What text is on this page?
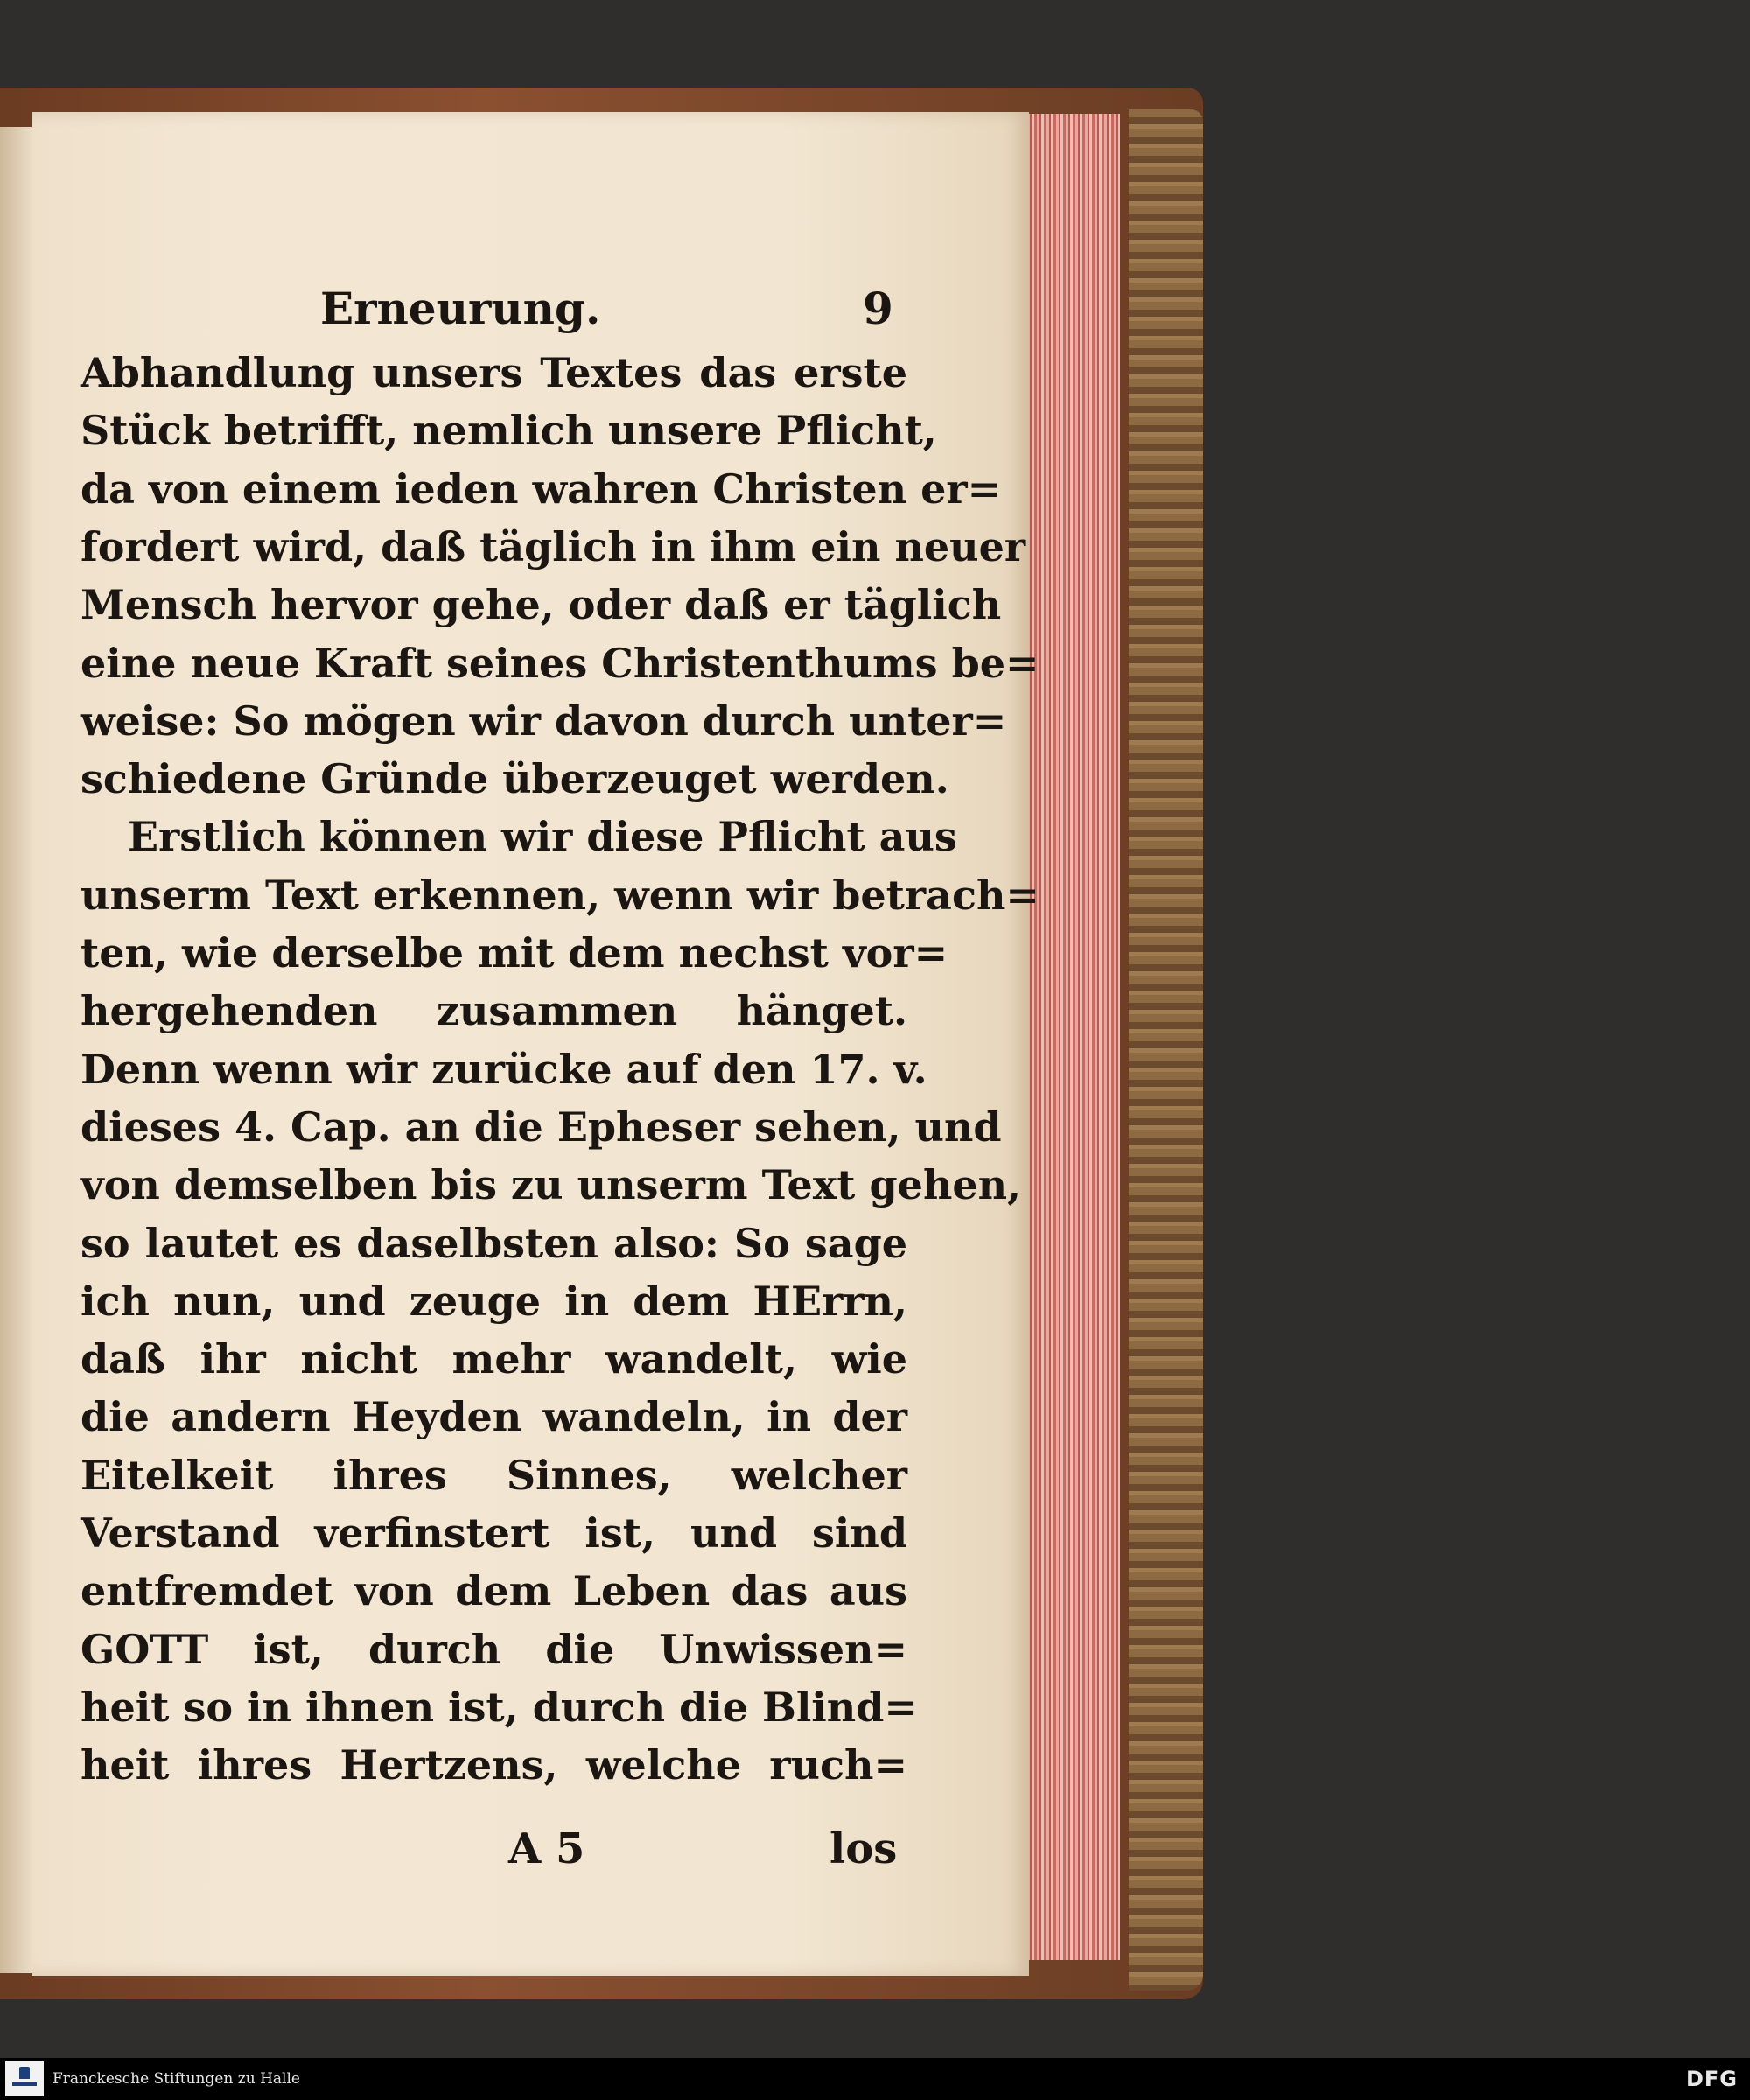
Erneurung.	9
Abhandlung unsers Textes das erste
Stück betrifft, nemlich unsere Pflicht,
da von einem ieden wahren Christen er=
fordert wird, daß täglich in ihm ein neuer
Mensch hervor gehe, oder daß er täglich
eine neue Kraft seines Christenthums be=
weise: So mögen wir davon durch unter=
schiedene Gründe überzeuget werden.
Erstlich können wir diese Pflicht aus
unserm Text erkennen, wenn wir betrach=
ten, wie derselbe mit dem nechst vor=
hergehenden zusammen hänget.
Denn wenn wir zurücke auf den 17. v.
dieses 4. Cap. an die Epheser sehen, und
von demselben bis zu unserm Text gehen,
so lautet es daselbsten also: So sage
ich nun, und zeuge in dem HErrn,
daß ihr nicht mehr wandelt, wie
die andern Heyden wandeln, in der
Eitelkeit ihres Sinnes, welcher
Verstand verfinstert ist, und sind
entfremdet von dem Leben das aus
GOTT ist, durch die Unwissen=
heit so in ihnen ist, durch die Blind=
heit ihres Hertzens, welche ruch=
A 5	los
Franckesche Stiftungen zu Halle	DFG
